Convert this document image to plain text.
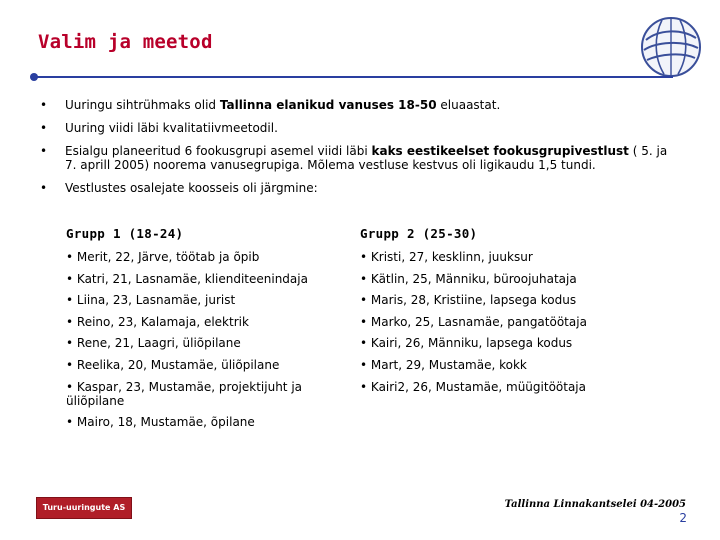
Valim ja meetod
• Uuringu sihtrühmaks olid Tallinna elanikud vanuses 18-50 eluaastat.
• Uuring viidi läbi kvalitatiivmeetodil.
• Esialgu planeeritud 6 fookusgrupi asemel viidi läbi kaks eestikeelset fookusgrupivestlust ( 5. ja 7. aprill 2005) noorema vanusegrupiga. Mõlema vestluse kestvus oli ligikaudu 1,5 tundi.
• Vestlustes osalejate koosseis oli järgmine:
Grupp 1 (18-24)
• Merit, 22, Järve, töötab ja õpib
• Katri, 21, Lasnamäe, klienditeenindaja
• Liina, 23, Lasnamäe, jurist
• Reino, 23, Kalamaja, elektrik
• Rene, 21, Laagri, üliõpilane
• Reelika, 20, Mustamäe, üliõpilane
• Kaspar, 23, Mustamäe, projektijuht ja üliõpilane
• Mairo, 18, Mustamäe, õpilane
Grupp 2 (25-30)
• Kristi, 27, kesklinn, juuksur
• Kätlin, 25, Männiku, büroojuhataja
• Maris, 28, Kristiine, lapsega kodus
• Marko, 25, Lasnamäe, pangatöötaja
• Kairi, 26, Männiku, lapsega kodus
• Mart, 29, Mustamäe, kokk
• Kairi2, 26, Mustamäe, müügitöötaja
Turu-uuringute AS	Tallinna Linnakantselei 04-2005
2
